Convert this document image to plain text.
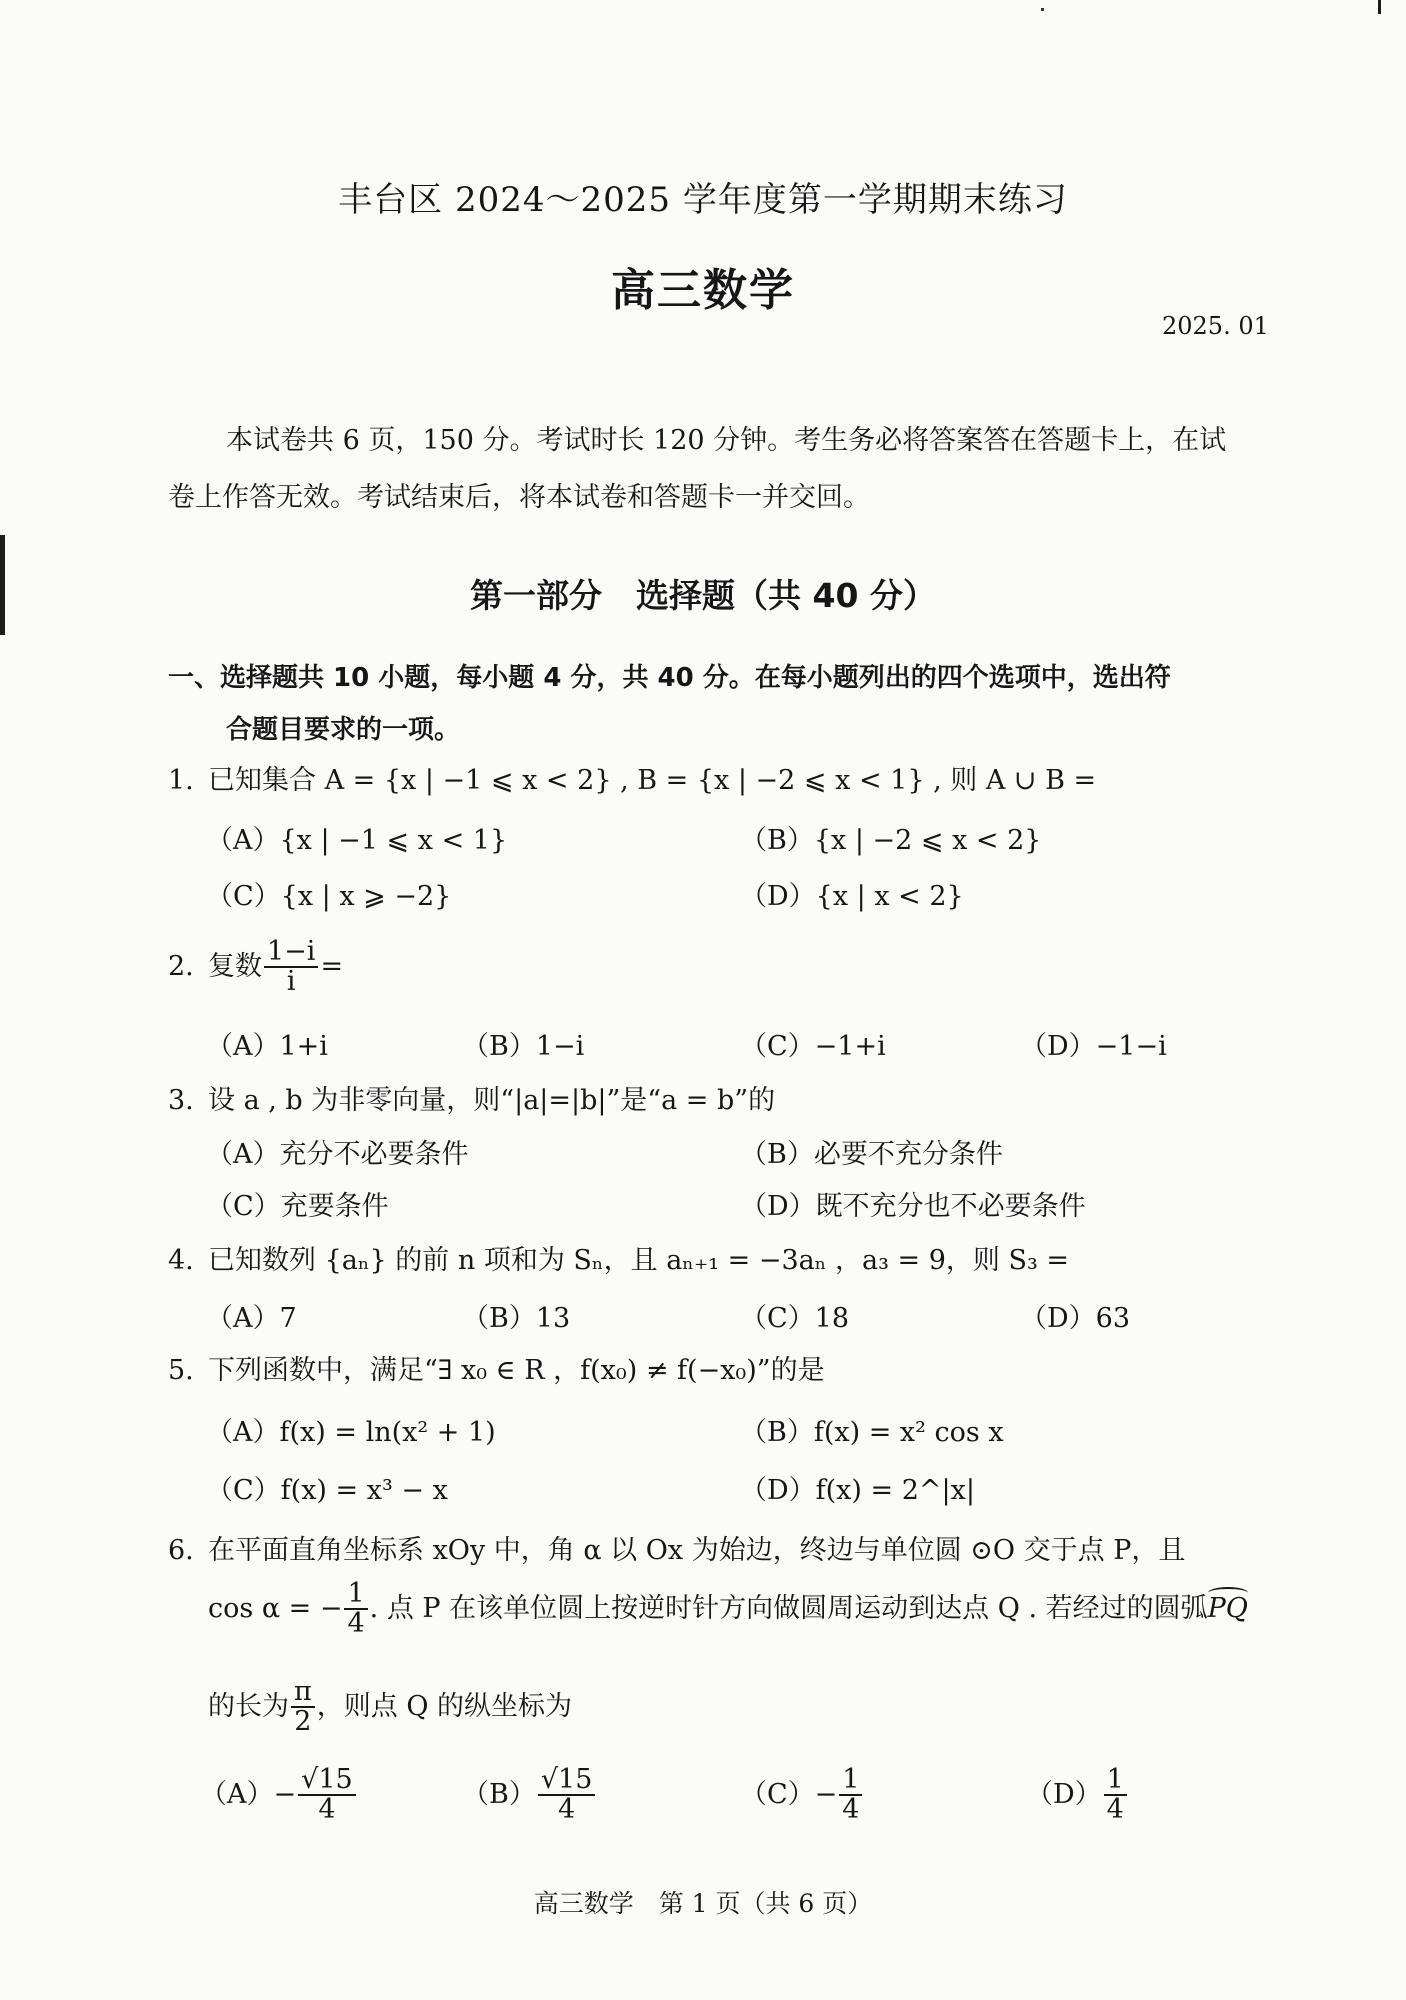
丰台区 2024～2025 学年度第一学期期末练习
高三数学
2025. 01
本试卷共 6 页，150 分。考试时长 120 分钟。考生务必将答案答在答题卡上，在试
卷上作答无效。考试结束后，将本试卷和答题卡一并交回。
第一部分 选择题（共 40 分）
一、选择题共 10 小题，每小题 4 分，共 40 分。在每小题列出的四个选项中，选出符
合题目要求的一项。
1. 已知集合 A = {x | −1 ⩽ x < 2} , B = {x | −2 ⩽ x < 1} , 则 A ∪ B =
（A）{x | −1 ⩽ x < 1}	（B）{x | −2 ⩽ x < 2}
（C）{x | x ⩾ −2}	（D）{x | x < 2}
2. 复数 $\frac{1-i}{i}$ =
（A）1+i	（B）1−i	（C）−1+i	（D）−1−i
3. 设 a , b 为非零向量，则“|a|=|b|”是“a = b”的
（A）充分不必要条件	（B）必要不充分条件
（C）充要条件	（D）既不充分也不必要条件
4. 已知数列 {aₙ} 的前 n 项和为 Sₙ，且 aₙ₊₁ = −3aₙ ，a₃ = 9，则 S₃ =
（A）7	（B）13	（C）18	（D）63
5. 下列函数中，满足“∃ x₀ ∈ R ，f(x₀) ≠ f(−x₀)”的是
（A）f(x) = ln(x² + 1)	（B）f(x) = x² cos x
（C）f(x) = x³ − x	（D）f(x) = 2^|x|
6. 在平面直角坐标系 xOy 中，角 α 以 Ox 为始边，终边与单位圆 ⊙O 交于点 P，且
cos α = − $\frac{1}{4}$ . 点 P 在该单位圆上按逆时针方向做圆周运动到达点 Q . 若经过的圆弧PQ
的长为 $\frac{\pi}{2}$ ，则点 Q 的纵坐标为
$(A)- \frac{√15}{4}$	$(B) \frac{√15}{4}$	$(C)- \frac{1}{4}$	$(D) \frac{1}{4}$
高三数学　第 1 页（共 6 页）
